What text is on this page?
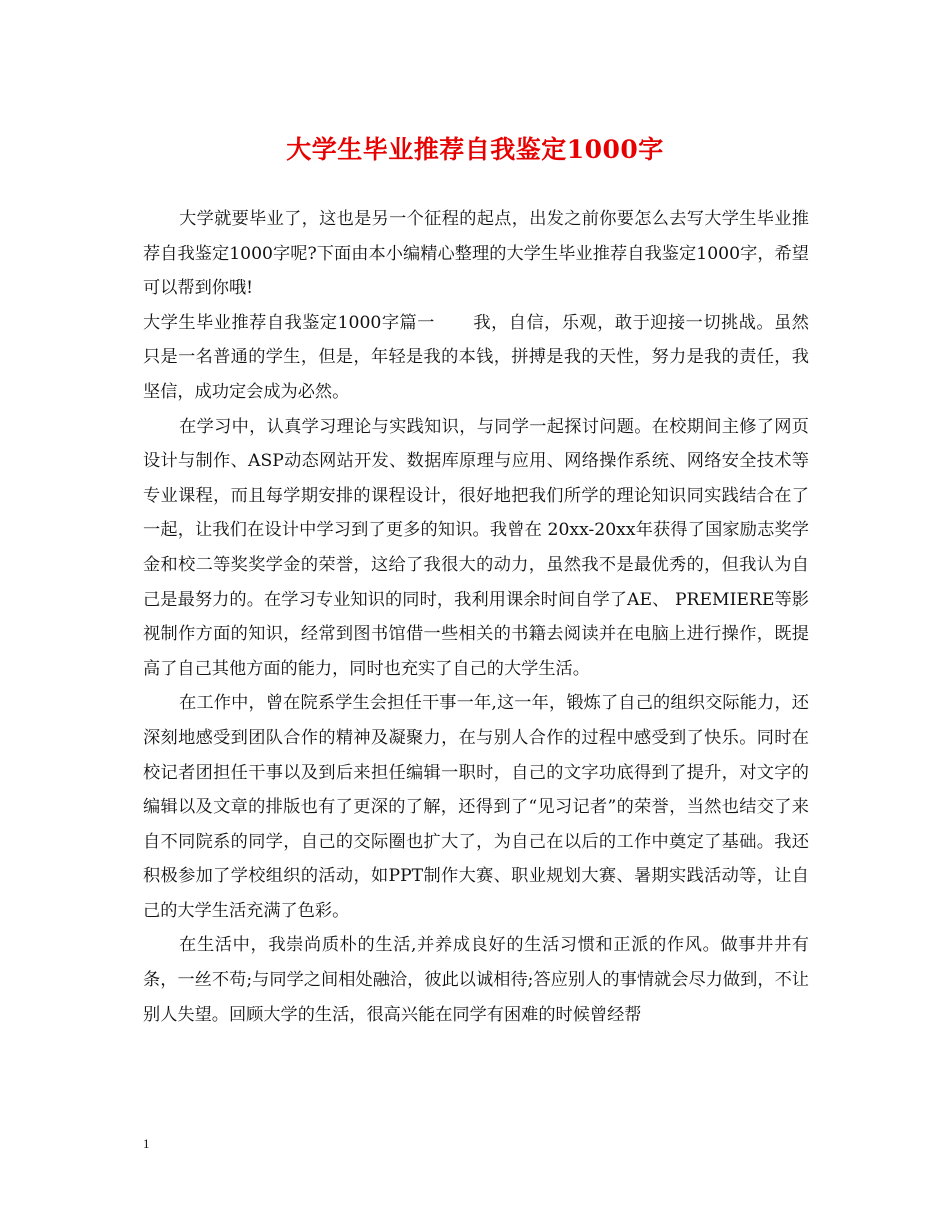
大学生毕业推荐自我鉴定1000字

大学就要毕业了，这也是另一个征程的起点，出发之前你要怎么去写大学生毕业推荐自我鉴定1000字呢?下面由本小编精心整理的大学生毕业推荐自我鉴定1000字，希望可以帮到你哦!

大学生毕业推荐自我鉴定1000字篇一 我，自信，乐观，敢于迎接一切挑战。虽然只是一名普通的学生，但是，年轻是我的本钱，拼搏是我的天性，努力是我的责任，我坚信，成功定会成为必然。

在学习中，认真学习理论与实践知识，与同学一起探讨问题。在校期间主修了网页设计与制作、ASP动态网站开发、数据库原理与应用、网络操作系统、网络安全技术等专业课程，而且每学期安排的课程设计，很好地把我们所学的理论知识同实践结合在了一起，让我们在设计中学习到了更多的知识。我曾在 20xx-20xx年获得了国家励志奖学金和校二等奖奖学金的荣誉，这给了我很大的动力，虽然我不是最优秀的，但我认为自己是最努力的。在学习专业知识的同时，我利用课余时间自学了AE、 PREMIERE等影视制作方面的知识，经常到图书馆借一些相关的书籍去阅读并在电脑上进行操作，既提高了自己其他方面的能力，同时也充实了自己的大学生活。

在工作中，曾在院系学生会担任干事一年,这一年，锻炼了自己的组织交际能力，还深刻地感受到团队合作的精神及凝聚力，在与别人合作的过程中感受到了快乐。同时在校记者团担任干事以及到后来担任编辑一职时，自己的文字功底得到了提升，对文字的编辑以及文章的排版也有了更深的了解，还得到了“见习记者”的荣誉，当然也结交了来自不同院系的同学，自己的交际圈也扩大了，为自己在以后的工作中奠定了基础。我还积极参加了学校组织的活动，如PPT制作大赛、职业规划大赛、暑期实践活动等，让自己的大学生活充满了色彩。

在生活中，我崇尚质朴的生活,并养成良好的生活习惯和正派的作风。做事井井有条，一丝不苟;与同学之间相处融洽，彼此以诚相待;答应别人的事情就会尽力做到，不让别人失望。回顾大学的生活，很高兴能在同学有困难的时候曾经帮

1
